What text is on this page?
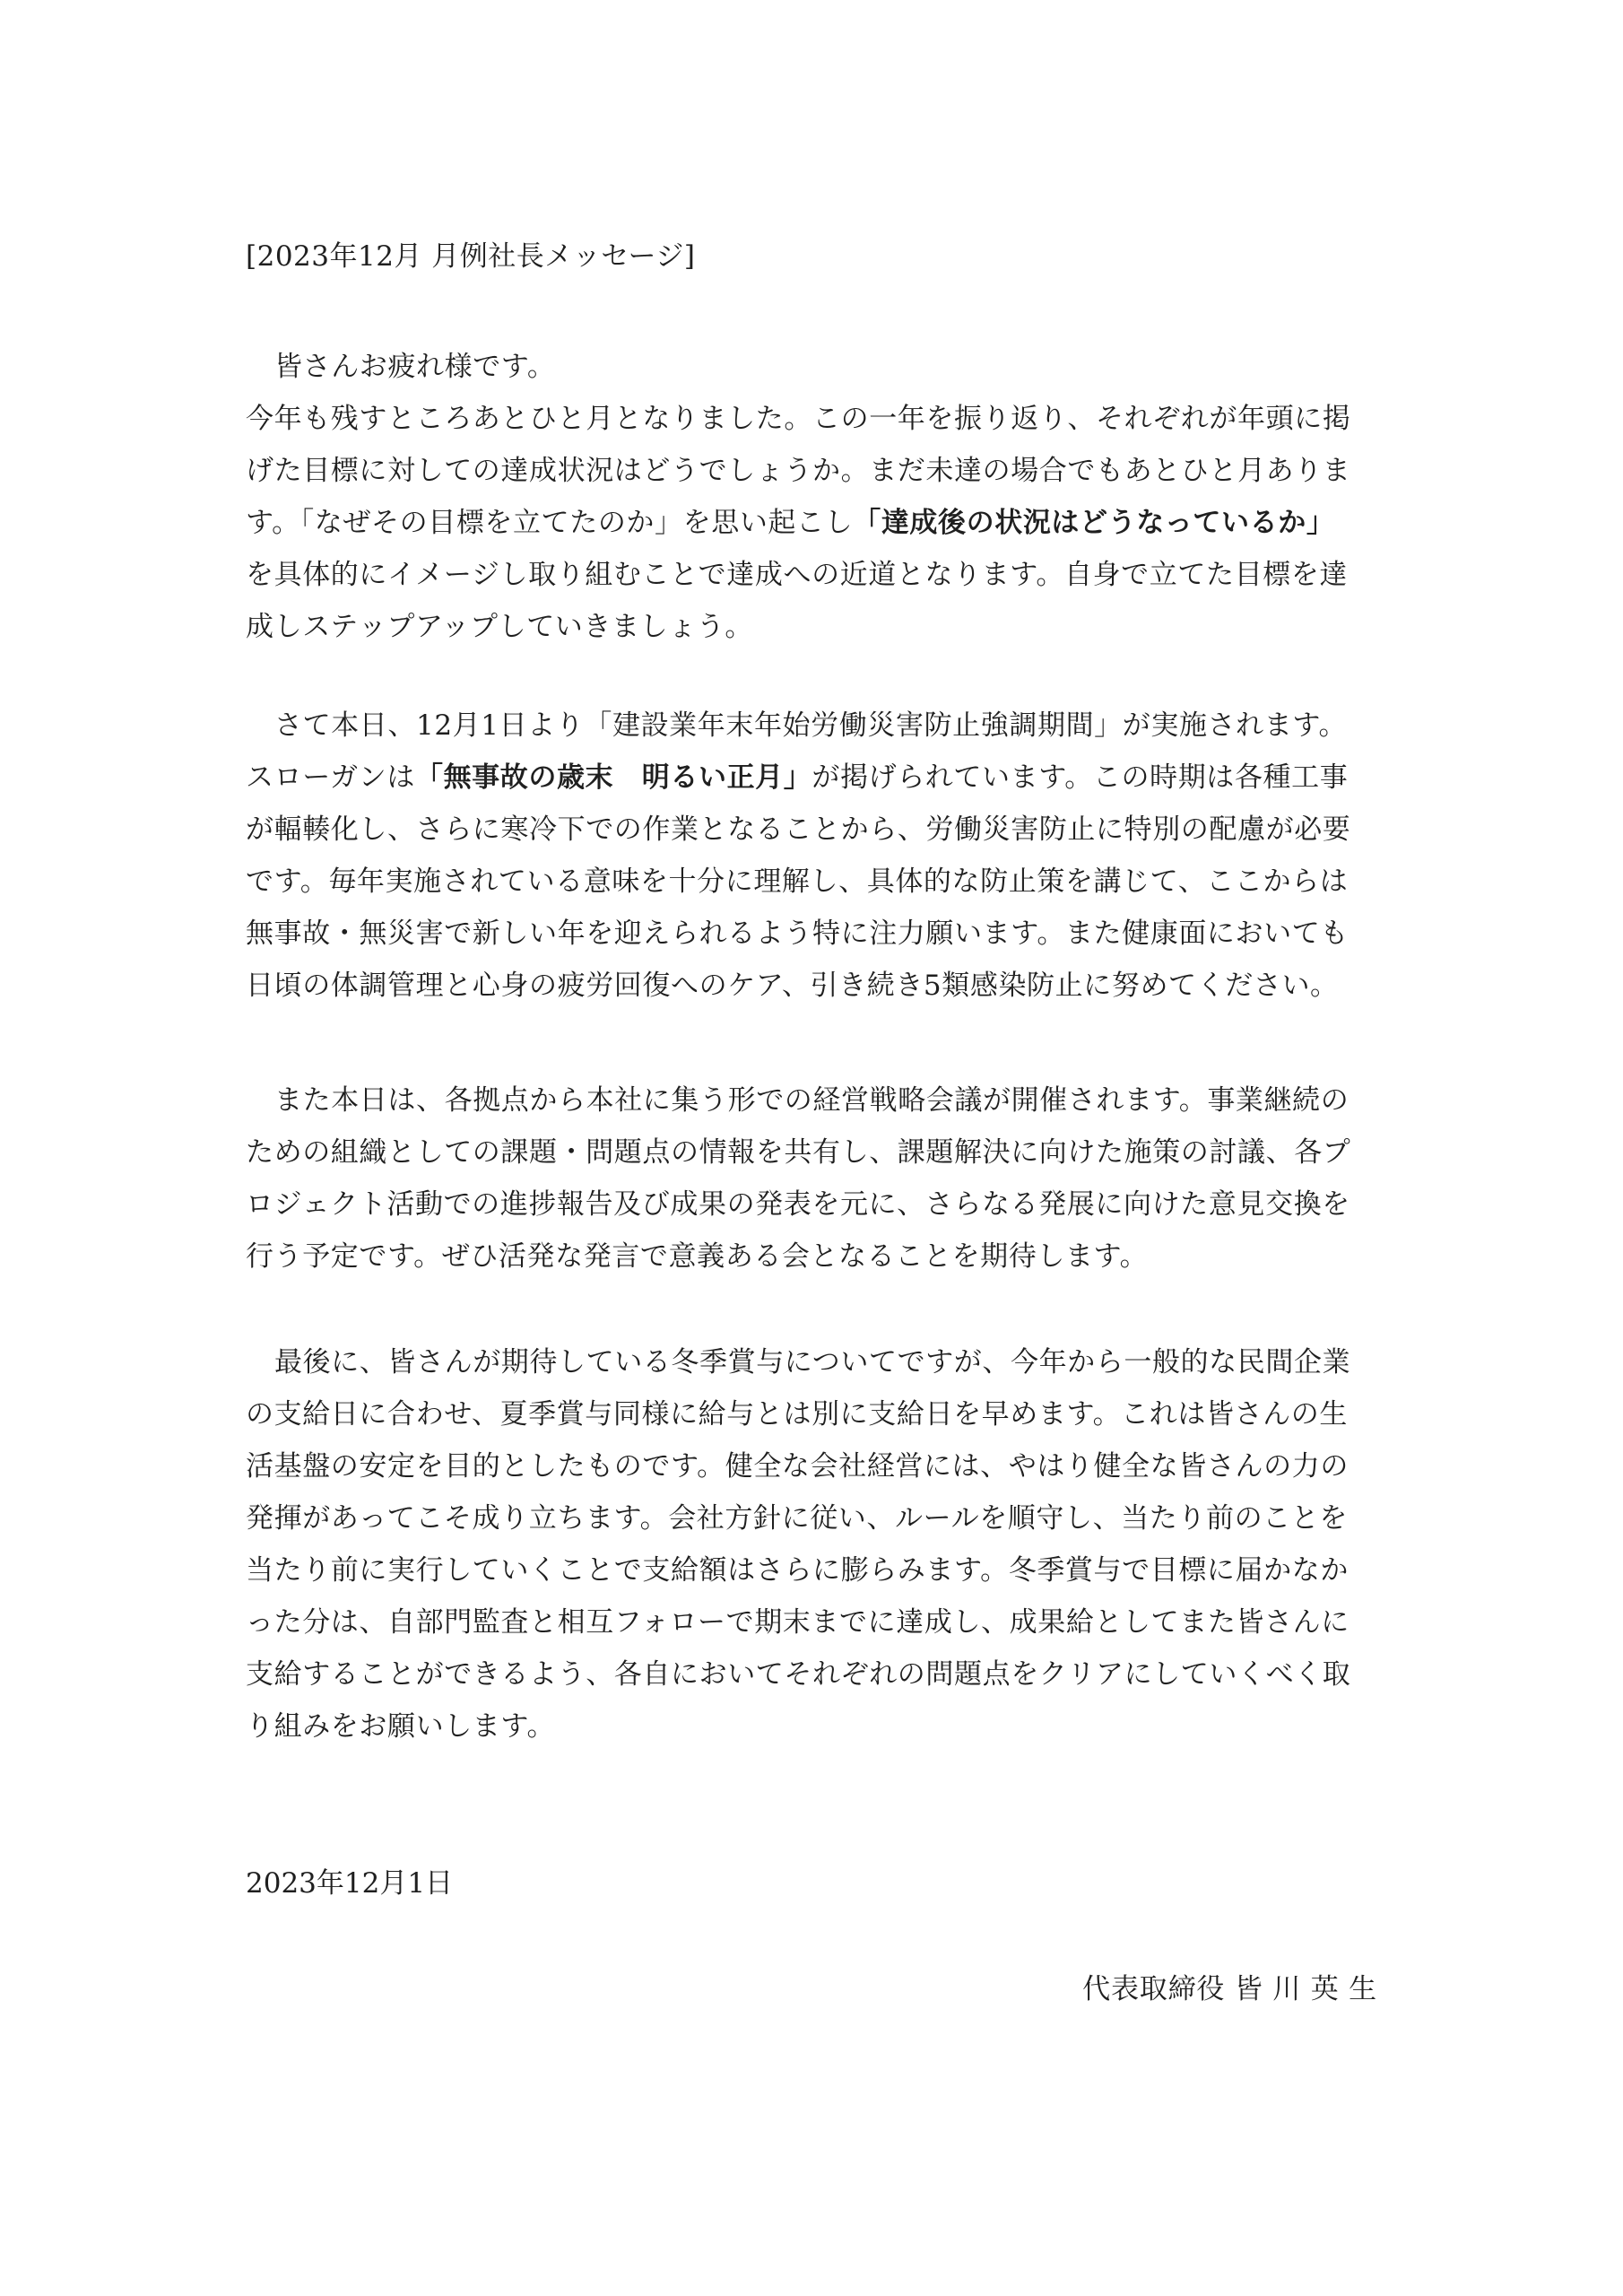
[2023年12月 月例社長メッセージ]
皆さんお疲れ様です。
今年も残すところあとひと月となりました。この一年を振り返り、それぞれが年頭に掲
げた目標に対しての達成状況はどうでしょうか。まだ未達の場合でもあとひと月ありま
す。「なぜその目標を立てたのか」を思い起こし「達成後の状況はどうなっているか」
を具体的にイメージし取り組むことで達成への近道となります。自身で立てた目標を達
成しステップアップしていきましょう。
さて本日、12月1日より「建設業年末年始労働災害防止強調期間」が実施されます。
スローガンは「無事故の歳末　明るい正月」が掲げられています。この時期は各種工事
が輻輳化し、さらに寒冷下での作業となることから、労働災害防止に特別の配慮が必要
です。毎年実施されている意味を十分に理解し、具体的な防止策を講じて、ここからは
無事故・無災害で新しい年を迎えられるよう特に注力願います。また健康面においても
日頃の体調管理と心身の疲労回復へのケア、引き続き5類感染防止に努めてください。
また本日は、各拠点から本社に集う形での経営戦略会議が開催されます。事業継続の
ための組織としての課題・問題点の情報を共有し、課題解決に向けた施策の討議、各プ
ロジェクト活動での進捗報告及び成果の発表を元に、さらなる発展に向けた意見交換を
行う予定です。ぜひ活発な発言で意義ある会となることを期待します。
最後に、皆さんが期待している冬季賞与についてですが、今年から一般的な民間企業
の支給日に合わせ、夏季賞与同様に給与とは別に支給日を早めます。これは皆さんの生
活基盤の安定を目的としたものです。健全な会社経営には、やはり健全な皆さんの力の
発揮があってこそ成り立ちます。会社方針に従い、ルールを順守し、当たり前のことを
当たり前に実行していくことで支給額はさらに膨らみます。冬季賞与で目標に届かなか
った分は、自部門監査と相互フォローで期末までに達成し、成果給としてまた皆さんに
支給することができるよう、各自においてそれぞれの問題点をクリアにしていくべく取
り組みをお願いします。
2023年12月1日
代表取締役 皆 川 英 生
